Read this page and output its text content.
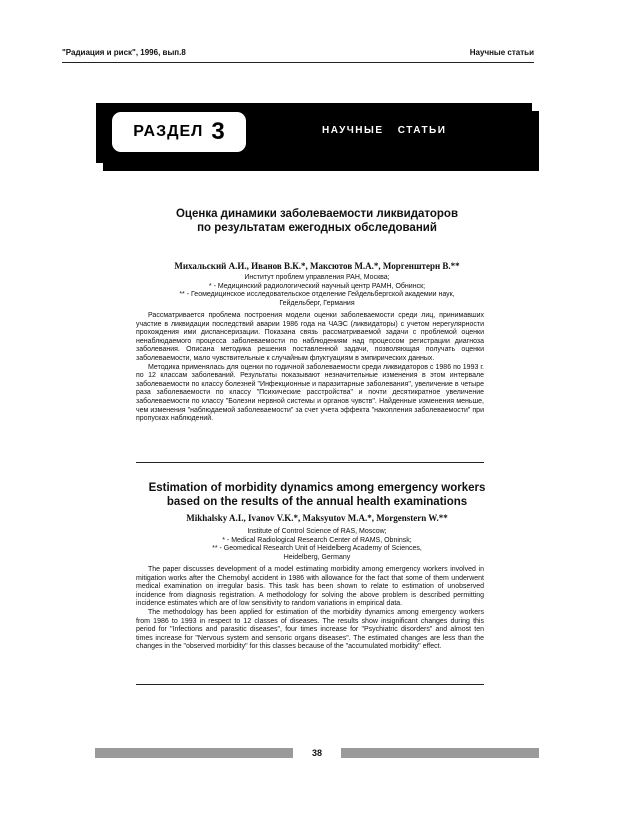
"Радиация и риск", 1996, вып.8	Научные статьи
РАЗДЕЛ 3	НАУЧНЫЕ СТАТЬИ
Оценка динамики заболеваемости ликвидаторов
по результатам ежегодных обследований
Михальский А.И., Иванов В.К.*, Максютов М.А.*, Моргенштерн В.**
Институт проблем управления РАН, Москва;
* - Медицинский радиологический научный центр РАМН, Обнинск;
** - Геомедицинское исследовательское отделение Гейдельбергской академии наук,
Гейдельберг, Германия

Рассматривается проблема построения модели оценки заболеваемости среди лиц, принимавших участие в ликвидации последствий аварии 1986 года на ЧАЭС (ликвидаторы) с учетом нерегулярности прохождения ими диспансеризации. Показана связь рассматриваемой задачи с проблемой оценки ненаблюдаемого процесса заболеваемости по наблюдениям над процессом регистрации диагноза заболевания. Описана методика решения поставленной задачи, позволяющая получать оценки заболеваемости, мало чувствительные к случайным флуктуациям в эмпирических данных.

Методика применялась для оценки по годичной заболеваемости среди ликвидаторов с 1986 по 1993 г. по 12 классам заболеваний. Результаты показывают незначительные изменения в этом интервале заболеваемости по классу болезней "Инфекционные и паразитарные заболевания", увеличение в четыре раза заболеваемости по классу "Психические расстройства" и почти десятикратное увеличение заболеваемости по классу "Болезни нервной системы и органов чувств". Найденные изменения меньше, чем изменения "наблюдаемой заболеваемости" за счет учета эффекта "накопления заболеваемости" при пропусках наблюдений.

Estimation of morbidity dynamics among emergency workers
based on the results of the annual health examinations
Mikhalsky A.I., Ivanov V.K.*, Maksyutov M.A.*, Morgenstern W.**
Institute of Control Science of RAS, Moscow;
* - Medical Radiological Research Center of RAMS, Obninsk;
** - Geomedical Research Unit of Heidelberg Academy of Sciences,
Heidelberg, Germany

The paper discusses development of a model estimating morbidity among emergency workers involved in mitigation works after the Chernobyl accident in 1986 with allowance for the fact that some of them underwent medical examination on irregular basis. This task has been shown to relate to estimation of unobserved incidence from diagnosis registration. A methodology for solving the above problem is described permitting incidence estimates which are of low sensitivity to random variations in empirical data.

The methodology has been applied for estimation of the morbidity dynamics among emergency workers from 1986 to 1993 in respect to 12 classes of diseases. The results show insignificant changes during this period for "Infections and parasitic diseases", four times increase for "Psychiatric disorders" and almost ten times increase for "Nervous system and sensoric organs diseases". The estimated changes are less than the changes in the "observed morbidity" for this classes because of the "accumulated morbidity" effect.

38
